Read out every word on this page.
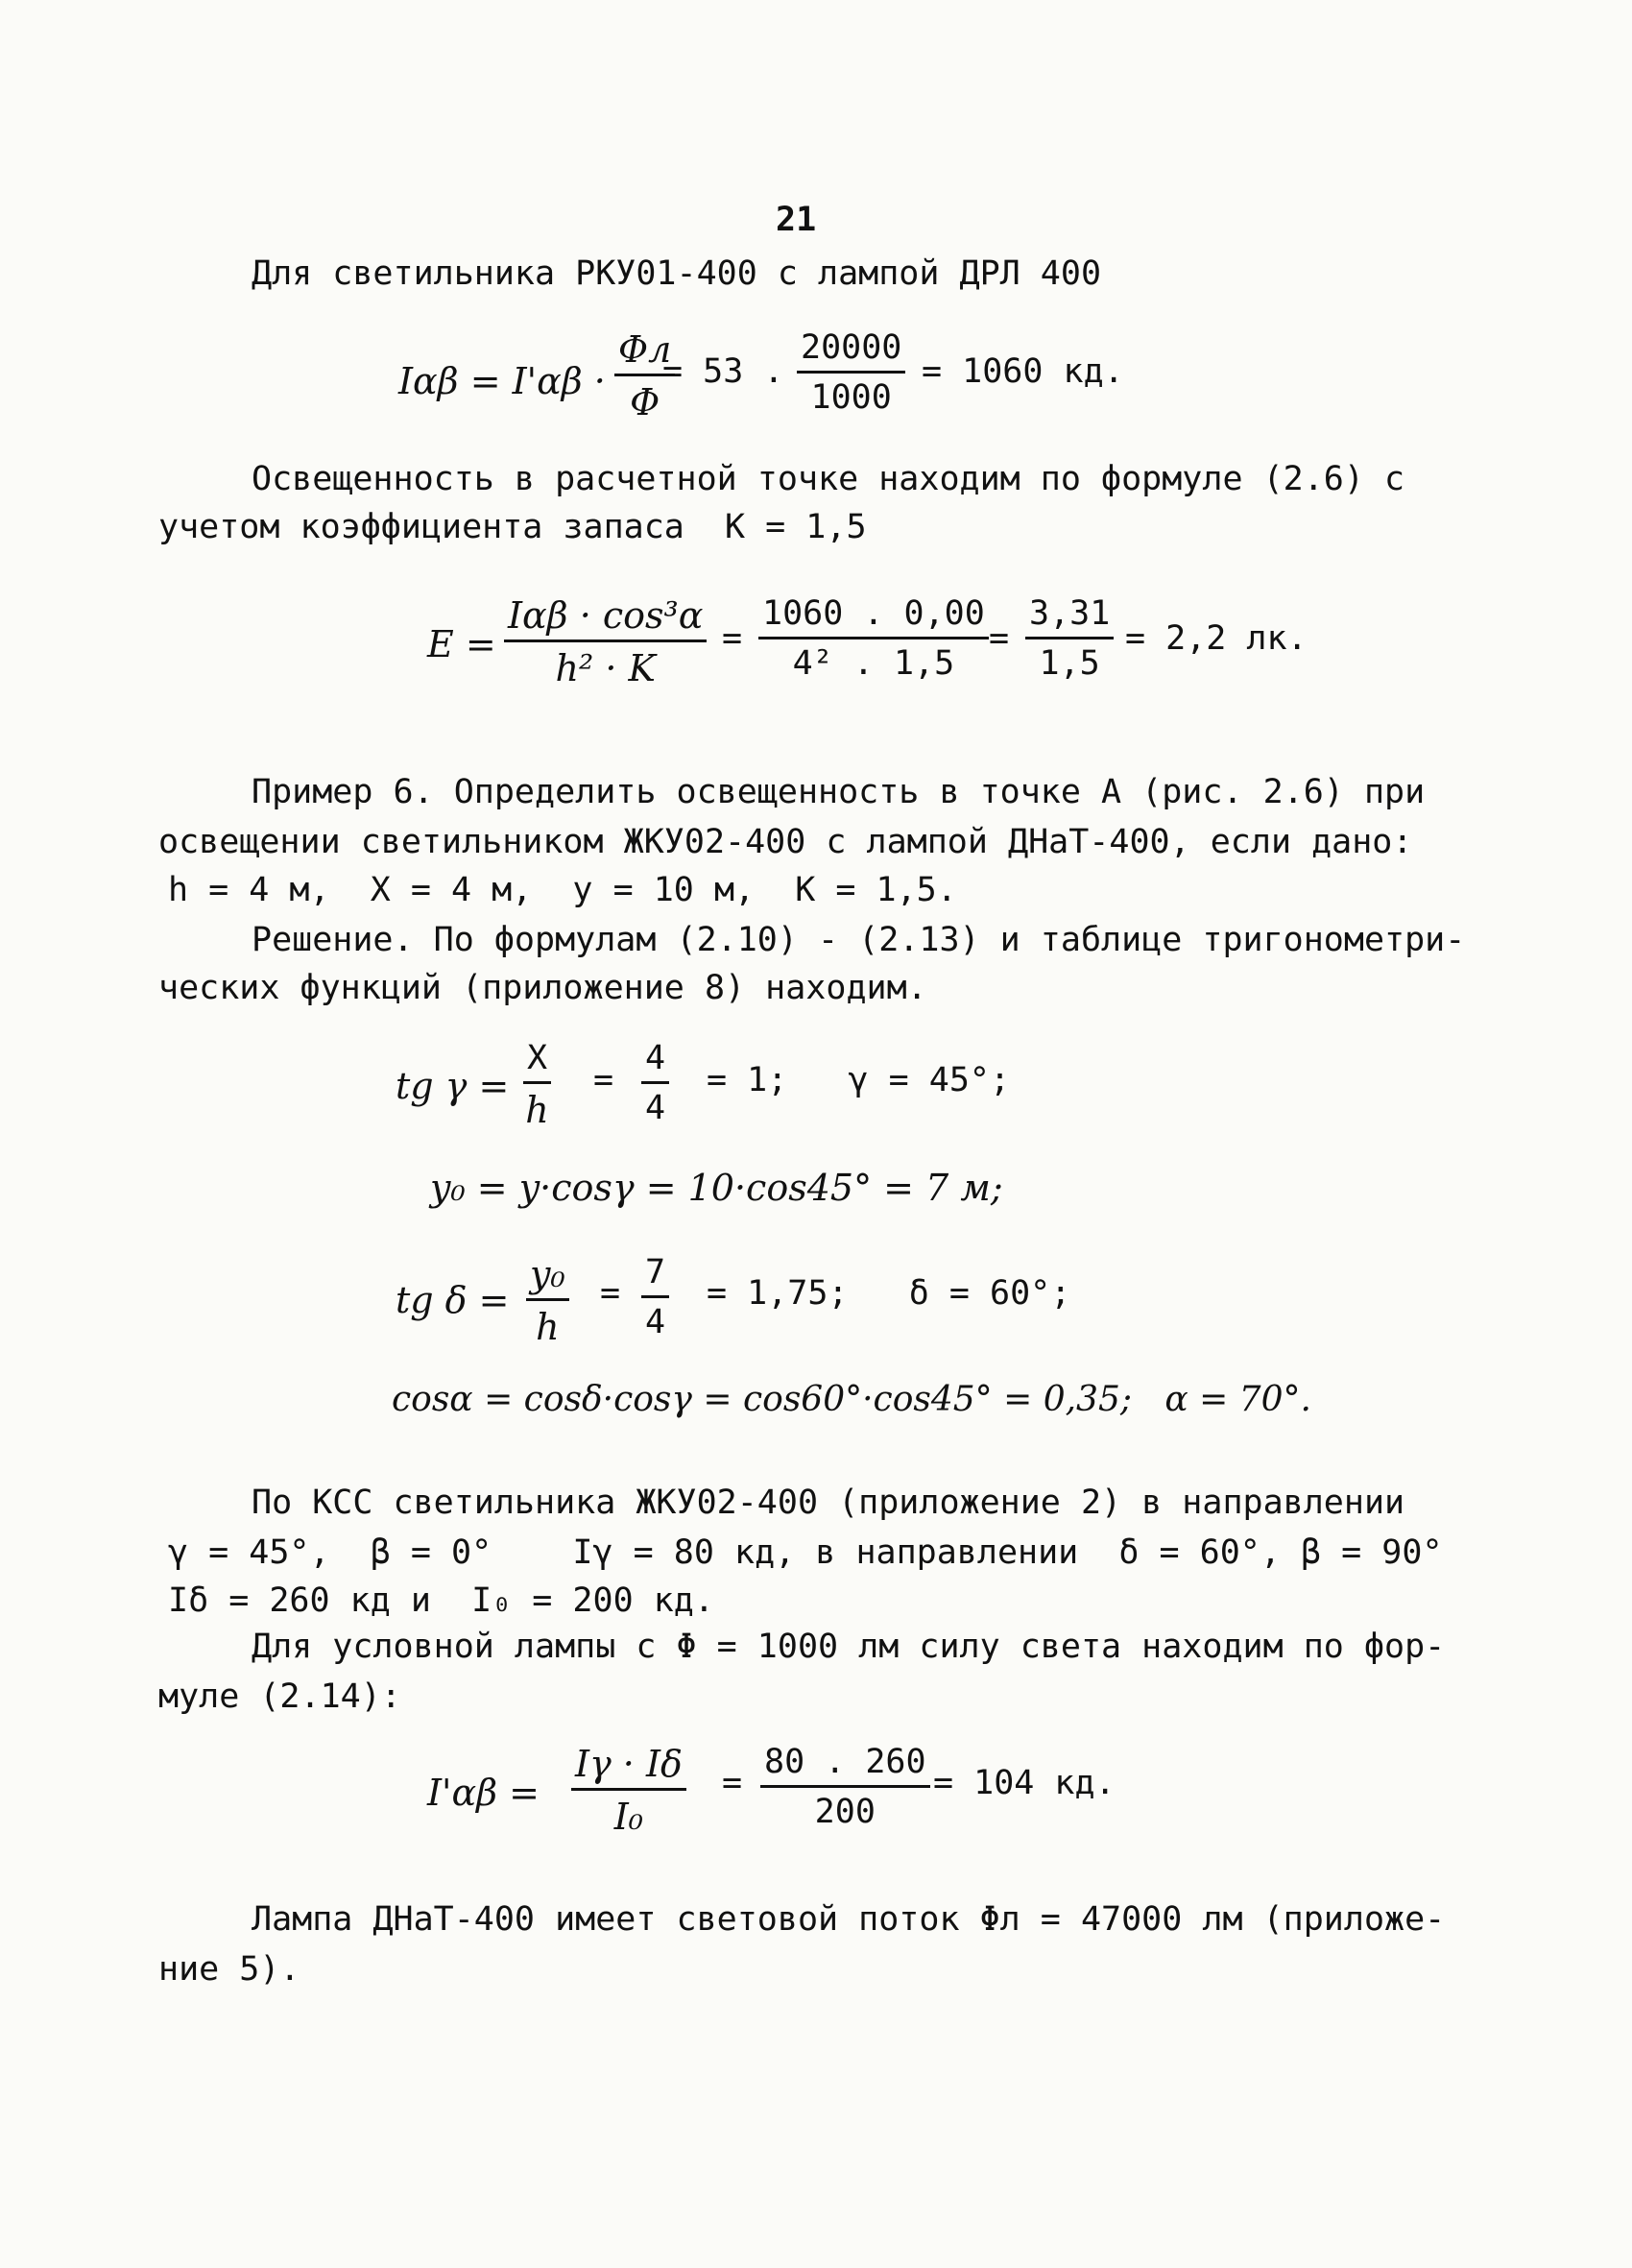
21
Для светильника РКУ01-400 с лампой ДРЛ 400
Iαβ = I'αβ ·
Φл
Φ
= 53 . $\frac{20000}{1000} = 1060$ кд.
Освещенность в расчетной точке находим по формуле (2.6) с
учетом коэффициента запаса  K = 1,5
E =
Iαβ · cos³α
h² · K
= $\frac{1060 . 0,00}{\text{4² . 1,5}} = \frac{3,31}{1,5} = 2,2$ лк.
Пример 6. Определить освещенность в точке А (рис. 2.6) при
освещении светильником ЖКУ02-400 с лампой ДНаТ-400, если дано:
h = 4 м,  X = 4 м,  y = 10 м,  K = 1,5.
Решение. По формулам (2.10) - (2.13) и таблице тригонометри-
ческих функций (приложение 8) находим.
tg $\gamma = \frac{X}{h} = \frac{4}{4} = 1$;   γ = 45°;
y₀ = y·cosγ = 10·cos45° = 7 м;
tg $\delta = \frac{\text{y₀}}{h} = \frac{7}{4} = 1,75$;   δ = 60°;
cosα = cosδ·cosγ = cos60°·cos45° = 0,35;   α = 70°.
По КСС светильника ЖКУ02-400 (приложение 2) в направлении
γ = 45°,  β = 0°    Iγ = 80 кд, в направлении  δ = 60°, β = 90°
Iδ = 260 кд и  I₀ = 200 кд.
Для условной лампы с Φ = 1000 лм силу света находим по фор-
муле (2.14):
$I'\alpha\beta = \frac{I\gamma \cdot I\delta}{\text{I₀}} = \frac{80 . 260}{200} = 104$ кд.
Лампа ДНаТ-400 имеет световой поток Φл = 47000 лм (приложе-
ние 5).
